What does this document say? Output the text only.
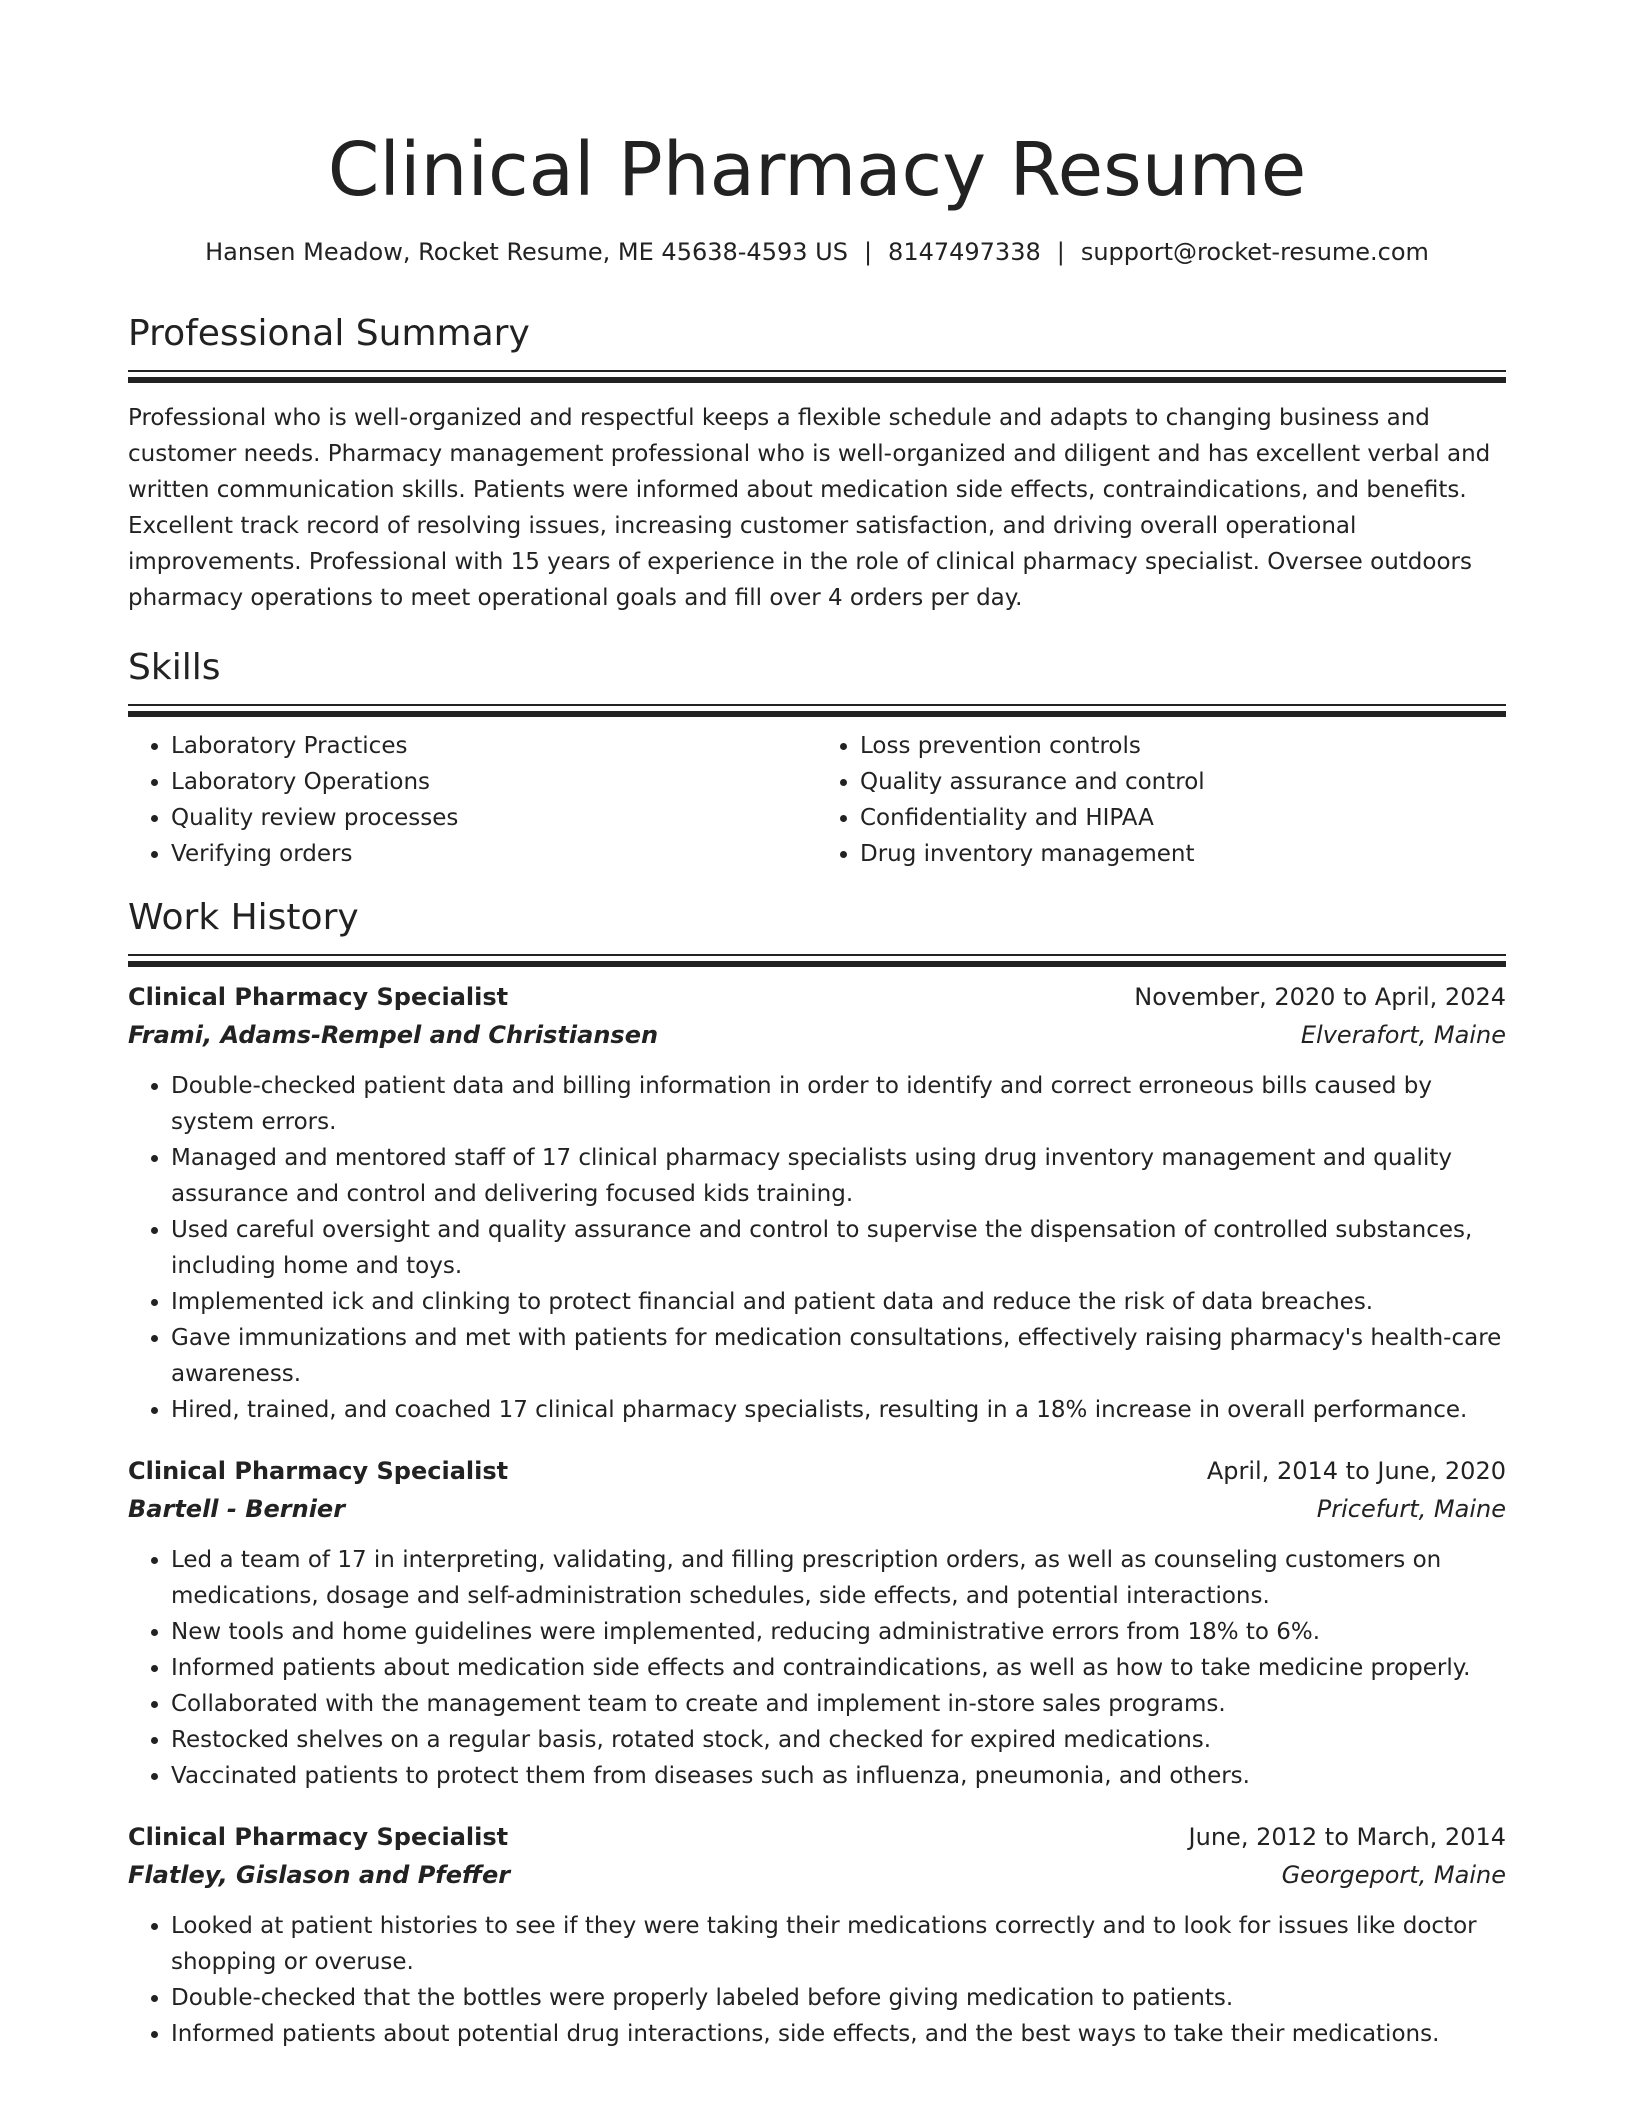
Clinical Pharmacy Resume
Hansen Meadow, Rocket Resume, ME 45638-4593 US | 8147497338 | support@rocket-resume.com
Professional Summary

Professional who is well-organized and respectful keeps a flexible schedule and adapts to changing business and customer needs. Pharmacy management professional who is well-organized and diligent and has excellent verbal and written communication skills. Patients were informed about medication side effects, contraindications, and benefits. Excellent track record of resolving issues, increasing customer satisfaction, and driving overall operational improvements. Professional with 15 years of experience in the role of clinical pharmacy specialist. Oversee outdoors pharmacy operations to meet operational goals and fill over 4 orders per day.

Skills
• Laboratory Practices
• Laboratory Operations
• Quality review processes
• Verifying orders
• Loss prevention controls
• Quality assurance and control
• Confidentiality and HIPAA
• Drug inventory management
Work History
Clinical Pharmacy Specialist	November, 2020 to April, 2024
Frami, Adams-Rempel and Christiansen	Elverafort, Maine
• Double-checked patient data and billing information in order to identify and correct erroneous bills caused by system errors.
• Managed and mentored staff of 17 clinical pharmacy specialists using drug inventory management and quality assurance and control and delivering focused kids training.
• Used careful oversight and quality assurance and control to supervise the dispensation of controlled substances, including home and toys.
• Implemented ick and clinking to protect financial and patient data and reduce the risk of data breaches.
• Gave immunizations and met with patients for medication consultations, effectively raising pharmacy's health-care awareness.
• Hired, trained, and coached 17 clinical pharmacy specialists, resulting in a 18% increase in overall performance.
Clinical Pharmacy Specialist	April, 2014 to June, 2020
Bartell - Bernier	Pricefurt, Maine
• Led a team of 17 in interpreting, validating, and filling prescription orders, as well as counseling customers on medications, dosage and self-administration schedules, side effects, and potential interactions.
• New tools and home guidelines were implemented, reducing administrative errors from 18% to 6%.
• Informed patients about medication side effects and contraindications, as well as how to take medicine properly.
• Collaborated with the management team to create and implement in-store sales programs.
• Restocked shelves on a regular basis, rotated stock, and checked for expired medications.
• Vaccinated patients to protect them from diseases such as influenza, pneumonia, and others.
Clinical Pharmacy Specialist	June, 2012 to March, 2014
Flatley, Gislason and Pfeffer	Georgeport, Maine
• Looked at patient histories to see if they were taking their medications correctly and to look for issues like doctor shopping or overuse.
• Double-checked that the bottles were properly labeled before giving medication to patients.
• Informed patients about potential drug interactions, side effects, and the best ways to take their medications.
